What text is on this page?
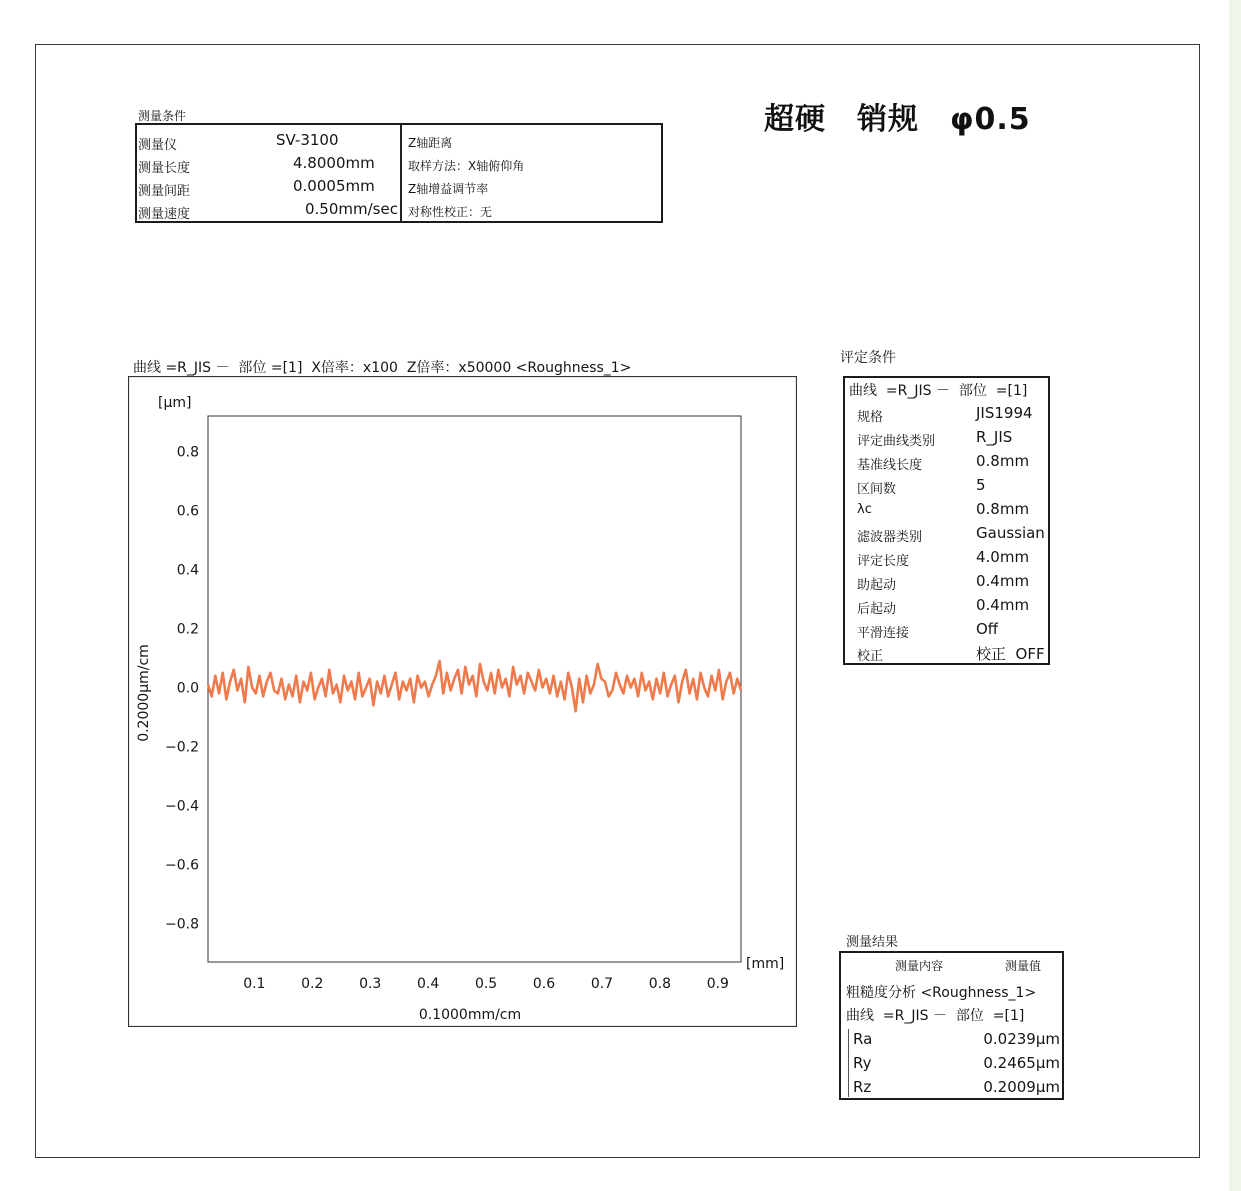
超硬　销规　φ0.5
测量条件
测量仪	SV-3100	Z轴距离
测量长度	4.8000mm	取样方法：X轴俯仰角
测量间距	0.0005mm	Z轴增益调节率
测量速度	0.50mm/sec 对称性校正：无
曲线 =R_JIS －  部位 =[1]  X倍率：x100  Z倍率：x50000 <Roughness_1>
[μm]
[mm]
0.1000mm/cm
0.2000μm/cm
0.8
0.6
0.4
0.2
0.0
−0.2
−0.4
−0.6
−0.8
0.1	0.2	0.3	0.4	0.5	0.6	0.7	0.8	0.9
评定条件
曲线  =R_JIS －  部位  =[1]
规格	JIS1994
评定曲线类别	R_JIS
基准线长度	0.8mm
区间数	5
λc	0.8mm
滤波器类别	Gaussian
评定长度	4.0mm
助起动	0.4mm
后起动	0.4mm
平滑连接	Off
校正	校正  OFF
测量结果
测量内容	测量值
粗糙度分析 <Roughness_1>
曲线  =R_JIS －  部位  =[1]
Ra	0.0239μm
Ry	0.2465μm
Rz	0.2009μm
